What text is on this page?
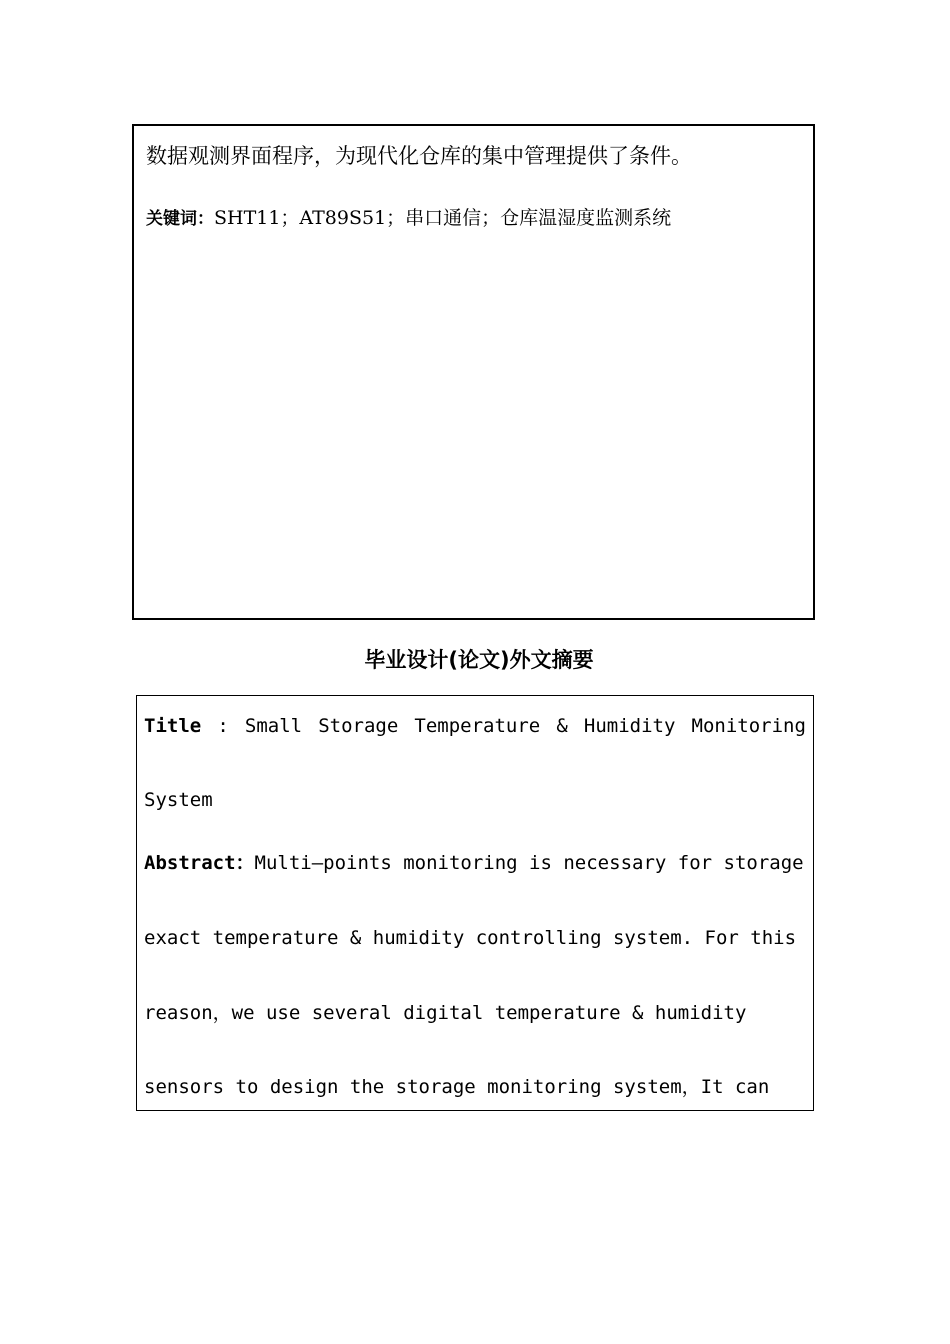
数据观测界面程序，为现代化仓库的集中管理提供了条件。
关键词：SHT11；AT89S51；串口通信；仓库温湿度监测系统
毕业设计(论文)外文摘要
Title : Small Storage Temperature & Humidity Monitoring
System
Abstract：Multi—points monitoring is necessary for storage
exact temperature & humidity controlling system. For this
reason，we use several digital temperature & humidity
sensors to design the storage monitoring system，It can
